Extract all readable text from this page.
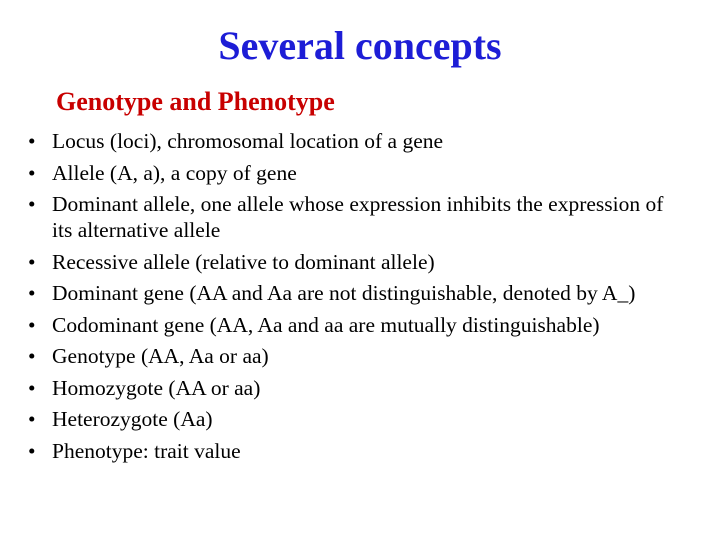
Several concepts
Genotype and Phenotype
• Locus (loci), chromosomal location of a gene
• Allele (A, a), a copy of gene
• Dominant allele, one allele whose expression inhibits the expression of its alternative allele
• Recessive allele (relative to dominant allele)
• Dominant gene (AA and Aa are not distinguishable, denoted by A_)
• Codominant gene (AA, Aa and aa are mutually distinguishable)
• Genotype (AA, Aa or aa)
• Homozygote (AA or aa)
• Heterozygote (Aa)
• Phenotype: trait value
